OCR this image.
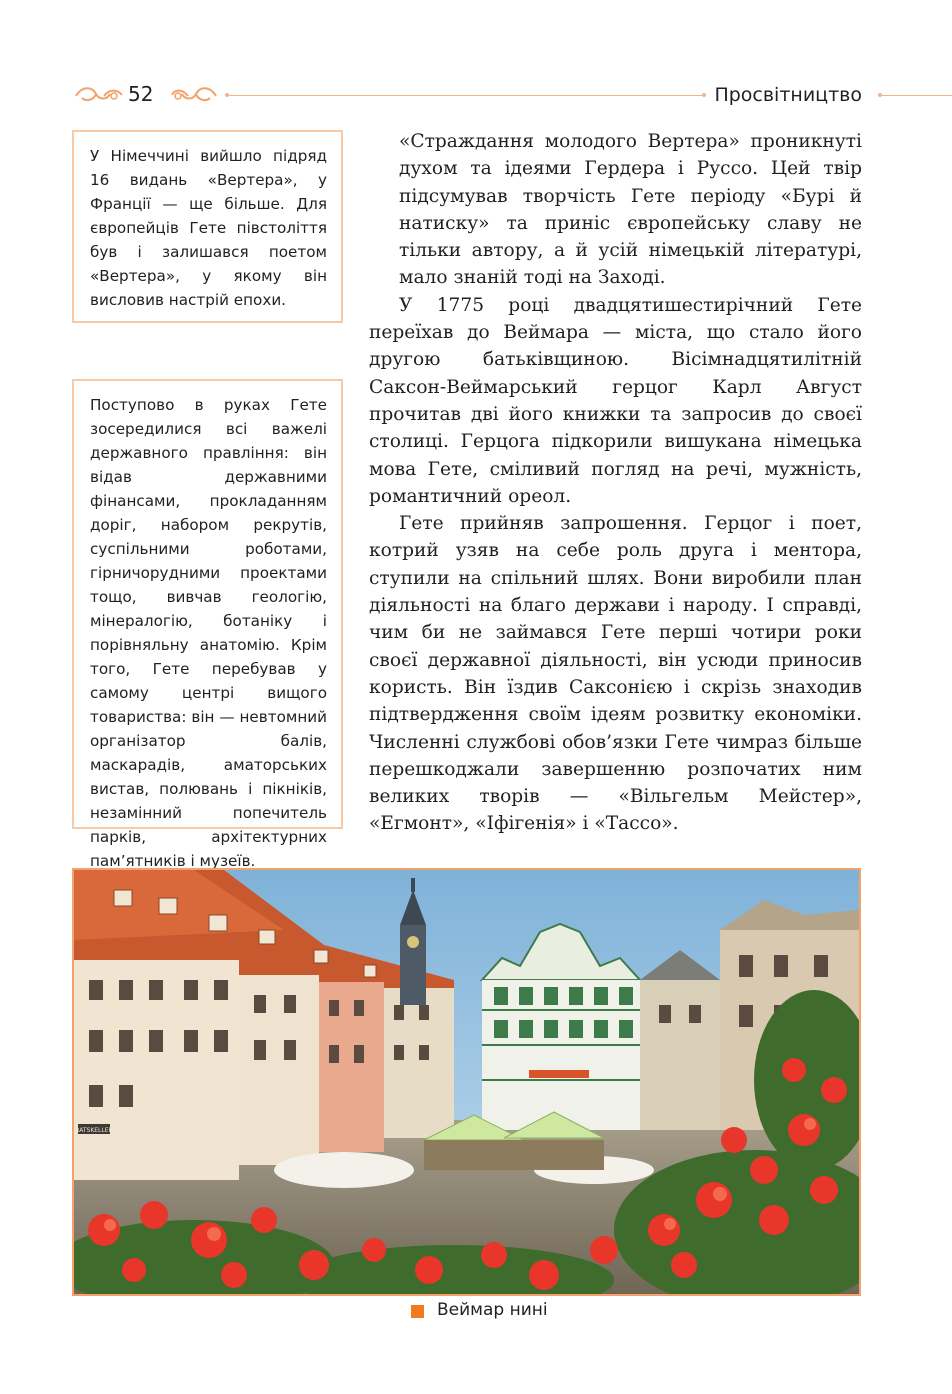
52	Просвітництво

У Німеччині вийшло підряд 16 видань «Вертера», у Франції — ще більше. Для європейців Гете півстоліття був і залишався поетом «Вертера», у якому він висловив настрій епохи.

Поступово в руках Гете зосередилися всі важелі державного правління: він відав державними фінансами, прокладанням доріг, набором рекрутів, суспільними роботами, гірничорудними проектами тощо, вивчав геологію, мінералогію, ботаніку і порівняльну анатомію. Крім того, Гете перебував у самому центрі вищого товариства: він — невтомний організатор балів, маскарадів, аматорських вистав, полювань і пікніків, незамінний попечитель парків, архітектурних пам’ятників і музеїв.

«Страждання молодого Вертера» проникнуті духом та ідеями Гердера і Руссо. Цей твір підсумував творчість Гете періоду «Бурі й натиску» та приніс європейську славу не тільки автору, а й усій німецькій літературі, мало знаній тоді на Заході.

У 1775 році двадцятишестирічний Гете переїхав до Веймара — міста, що стало його другою батьківщиною. Вісімнадцятилітній Саксон-Веймарський герцог Карл Август прочитав дві його книжки та запросив до своєї столиці. Герцога підкорили вишукана німецька мова Гете, сміливий погляд на речі, мужність, романтичний ореол.

Гете прийняв запрошення. Герцог і поет, котрий узяв на себе роль друга і ментора, ступили на спільний шлях. Вони виробили план діяльності на благо держави і народу. І справді, чим би не займався Гете перші чотири роки своєї державної діяльності, він усюди приносив користь. Він їздив Саксонією і скрізь знаходив підтвердження своїм ідеям розвитку економіки. Численні службові обов’язки Гете чимраз більше перешкоджали завершенню розпочатих ним великих творів — «Вільгельм Мейстер», «Егмонт», «Іфігенія» і «Тассо».

RATSKELLER
Веймар нині
